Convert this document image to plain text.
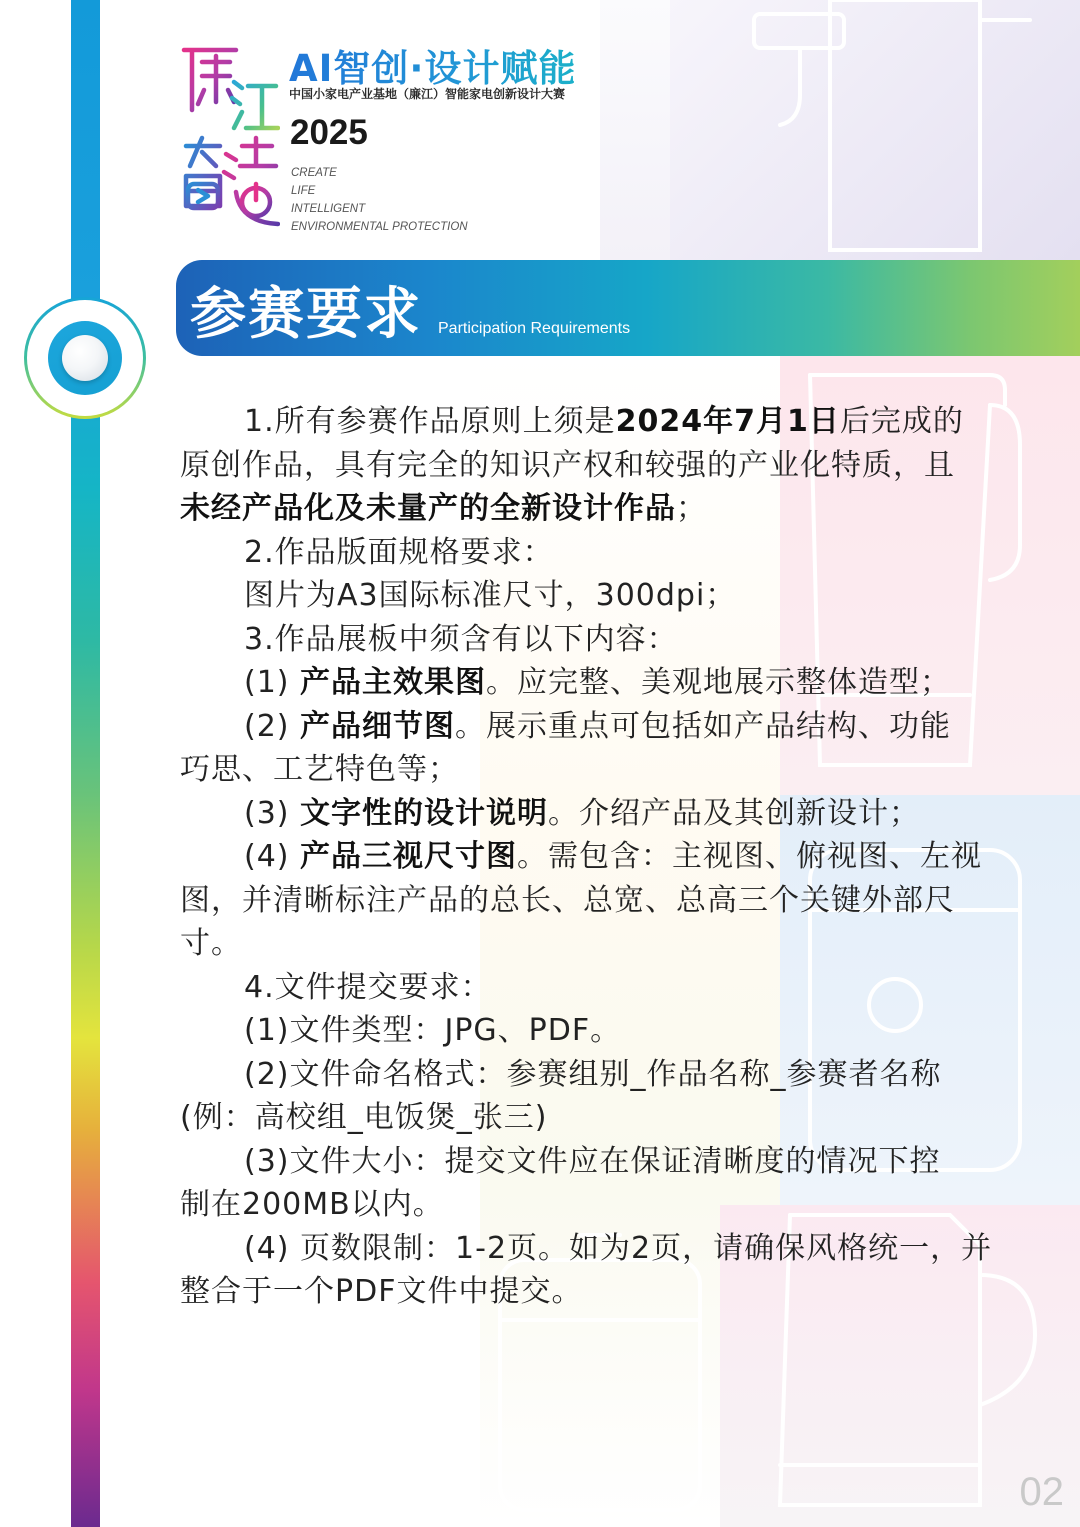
AI智创·设计赋能
中国小家电产业基地（廉江）智能家电创新设计大赛
2025
CREATE
LIFE
INTELLIGENT
ENVIRONMENTAL PROTECTION
参赛要求 Participation Requirements

1.所有参赛作品原则上须是2024年7月1日后完成的

原创作品，具有完全的知识产权和较强的产业化特质，且

未经产品化及未量产的全新设计作品；

2.作品版面规格要求：

图片为A3国际标准尺寸，300dpi；

3.作品展板中须含有以下内容：

(1) 产品主效果图。应完整、美观地展示整体造型；

(2) 产品细节图。展示重点可包括如产品结构、功能

巧思、工艺特色等；

(3) 文字性的设计说明。介绍产品及其创新设计；

(4) 产品三视尺寸图。需包含：主视图、俯视图、左视

图，并清晰标注产品的总长、总宽、总高三个关键外部尺

寸。

4.文件提交要求：

(1)文件类型：JPG、PDF。

(2)文件命名格式：参赛组别_作品名称_参赛者名称

(例：高校组_电饭煲_张三)

(3)文件大小：提交文件应在保证清晰度的情况下控

制在200MB以内。

(4) 页数限制：1-2页。如为2页，请确保风格统一，并

整合于一个PDF文件中提交。

02
